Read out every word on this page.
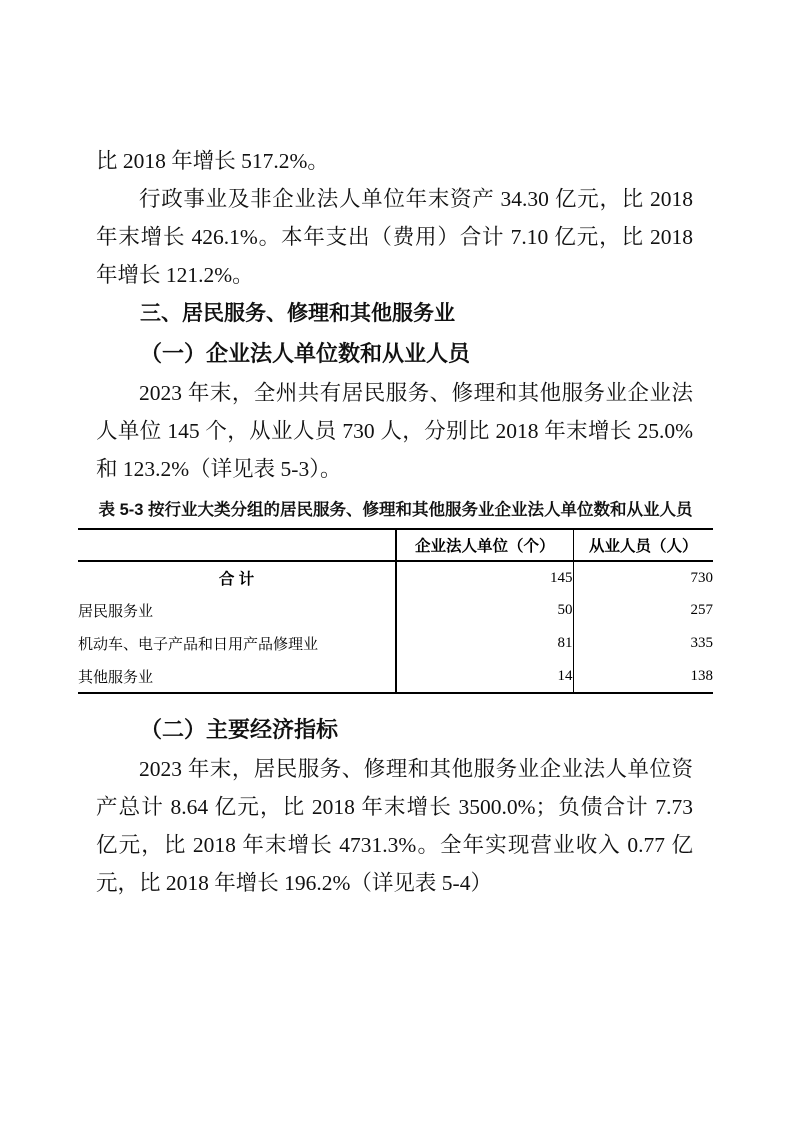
比 2018 年增长 517.2%。

行政事业及非企业法人单位年末资产 34.30 亿元，比 2018 年末增长 426.1%。本年支出（费用）合计 7.10 亿元，比 2018 年增长 121.2%。

三、居民服务、修理和其他服务业
（一）企业法人单位数和从业人员

2023 年末，全州共有居民服务、修理和其他服务业企业法人单位 145 个，从业人员 730 人，分别比 2018 年末增长 25.0% 和 123.2%（详见表 5-3）。

表 5-3 按行业大类分组的居民服务、修理和其他服务业企业法人单位数和从业人员
	企业法人单位（个）	从业人员（人）
合 计	145	730
居民服务业	50	257
机动车、电子产品和日用产品修理业	81	335
其他服务业	14	138
（二）主要经济指标

2023 年末，居民服务、修理和其他服务业企业法人单位资产总计 8.64 亿元，比 2018 年末增长 3500.0%；负债合计 7.73 亿元，比 2018 年末增长 4731.3%。全年实现营业收入 0.77 亿元，比 2018 年增长 196.2%（详见表 5-4）
